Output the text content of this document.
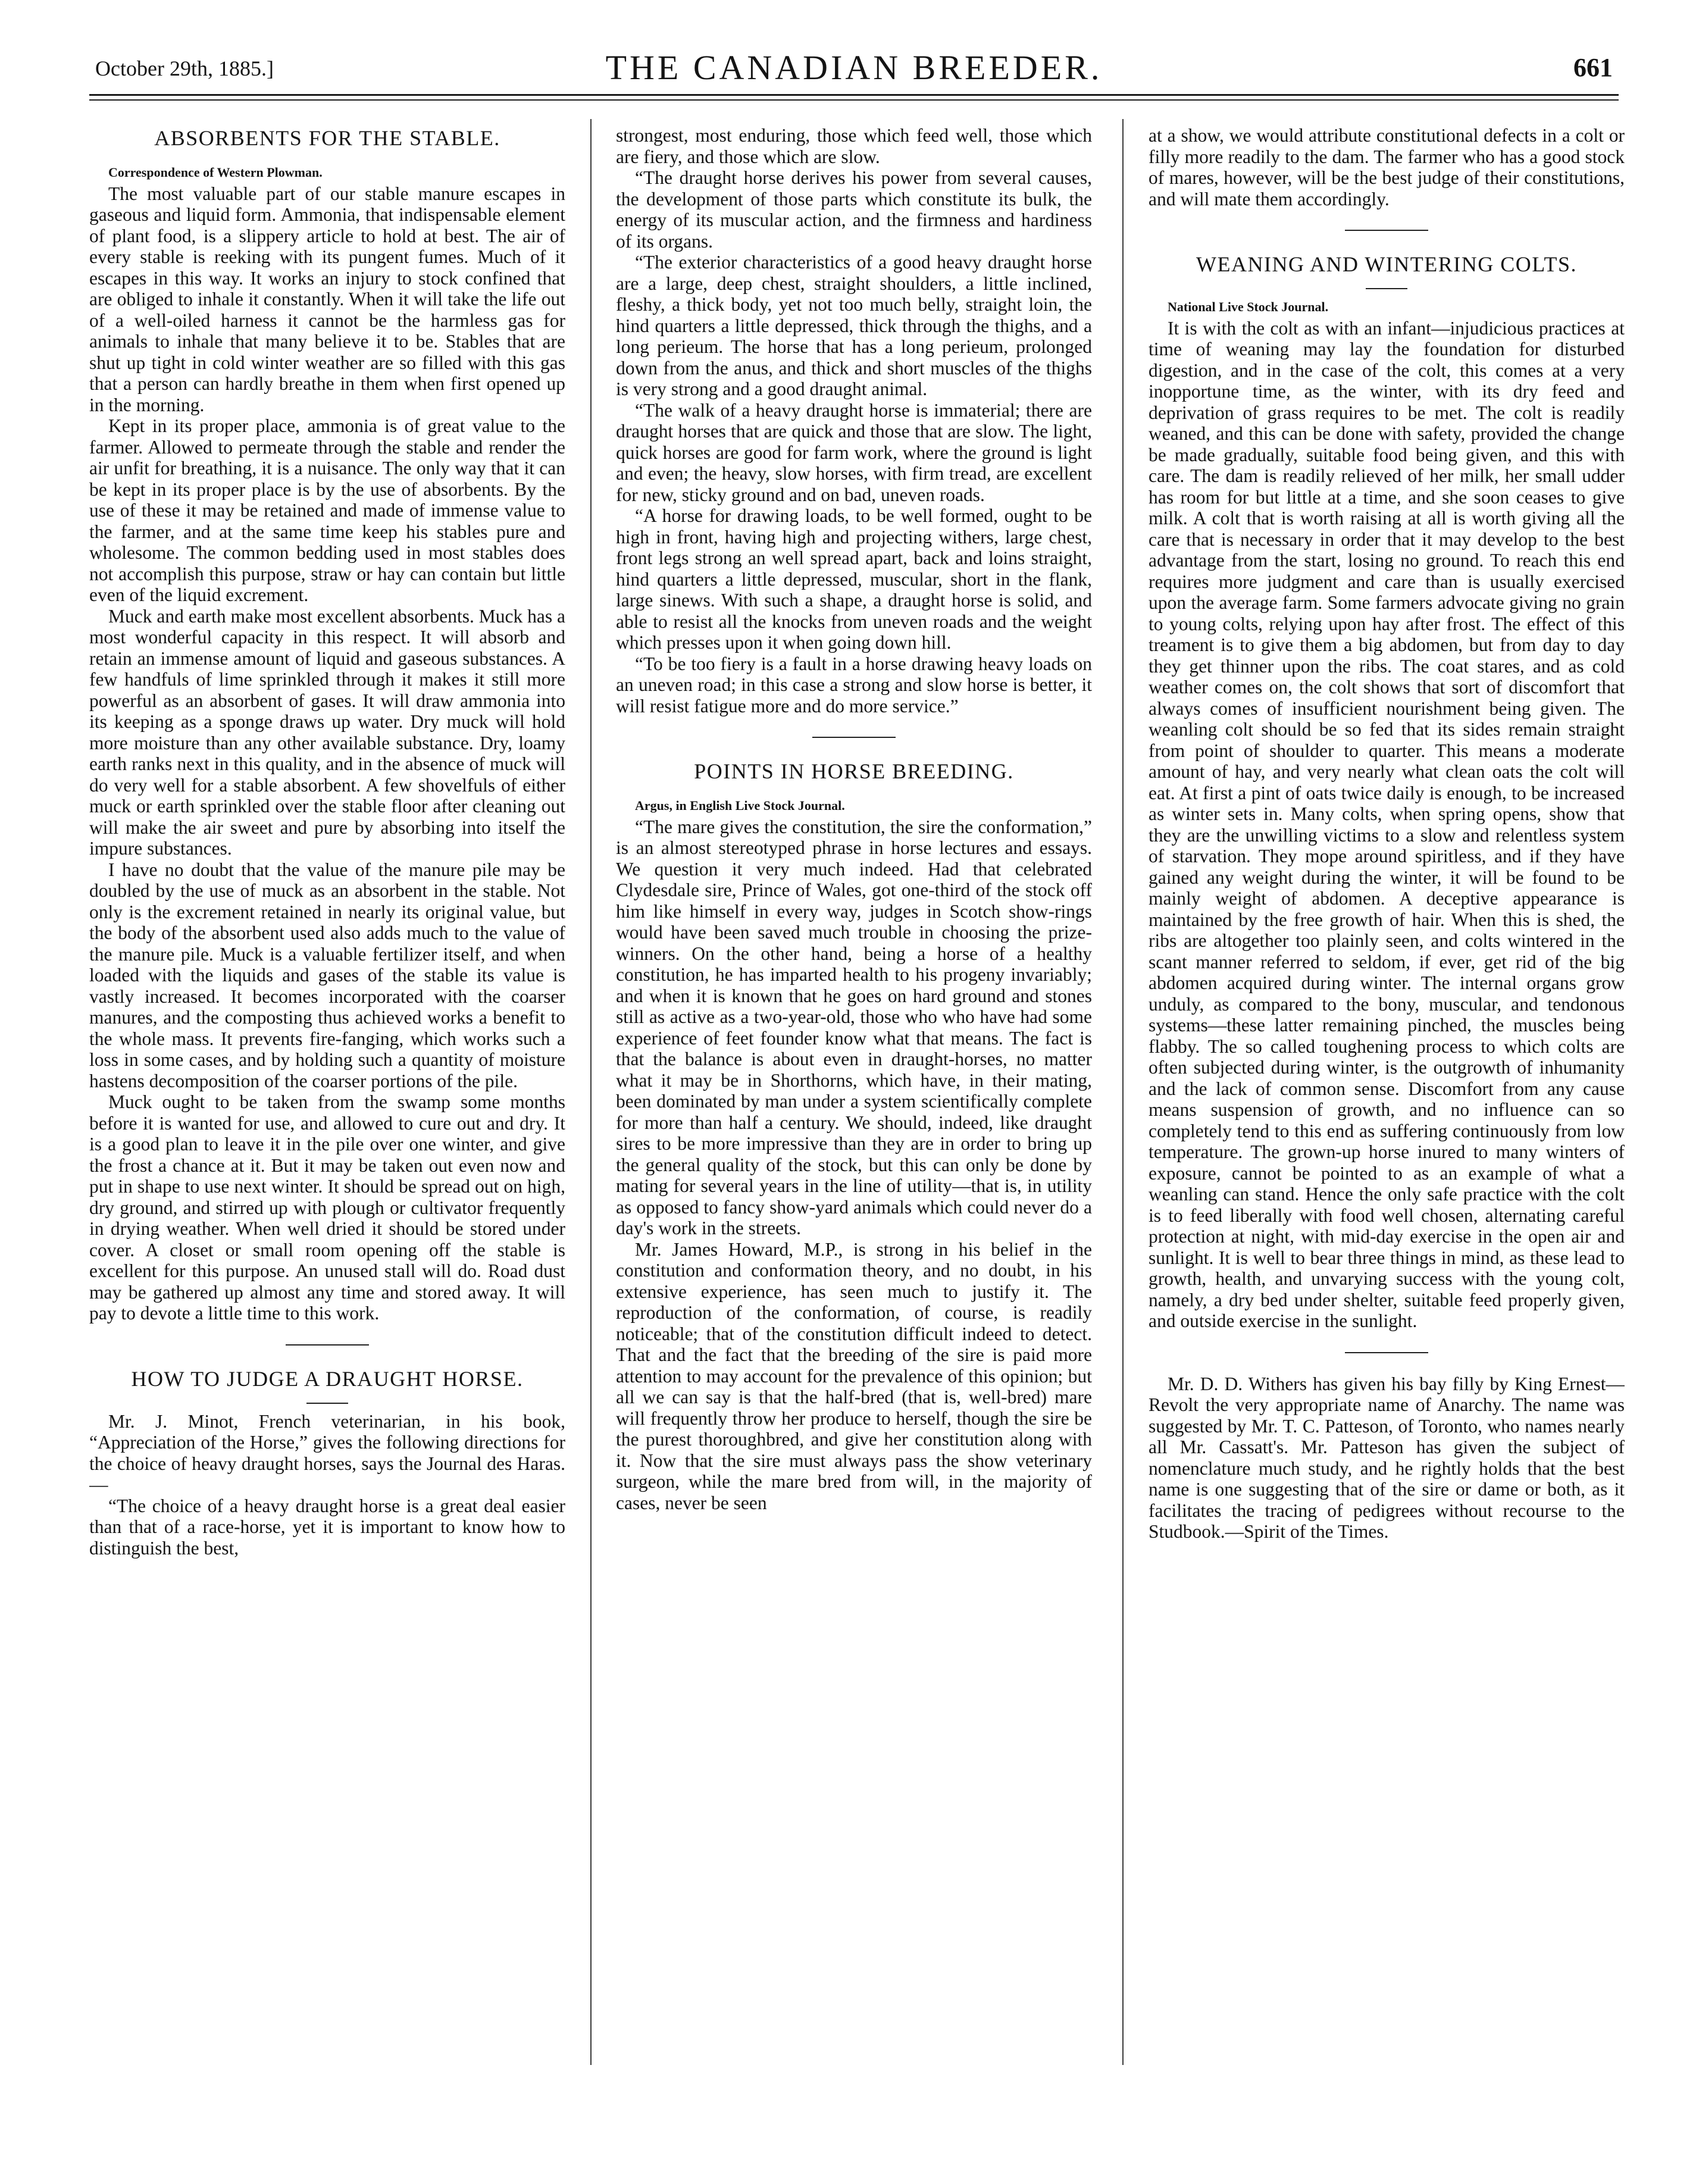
October 29th, 1885.]	THE CANADIAN BREEDER.	661
ABSORBENTS FOR THE STABLE.

Correspondence of Western Plowman.

The most valuable part of our stable manure escapes in gaseous and liquid form. Ammonia, that indispensable element of plant food, is a slippery article to hold at best. The air of every stable is reeking with its pungent fumes. Much of it escapes in this way. It works an injury to stock confined that are obliged to inhale it constantly. When it will take the life out of a well-oiled harness it cannot be the harmless gas for animals to inhale that many believe it to be. Stables that are shut up tight in cold winter weather are so filled with this gas that a person can hardly breathe in them when first opened up in the morning.

Kept in its proper place, ammonia is of great value to the farmer. Allowed to permeate through the stable and render the air unfit for breathing, it is a nuisance. The only way that it can be kept in its proper place is by the use of absorbents. By the use of these it may be retained and made of immense value to the farmer, and at the same time keep his stables pure and wholesome. The common bedding used in most stables does not accomplish this purpose, straw or hay can contain but little even of the liquid excrement.

Muck and earth make most excellent absorbents. Muck has a most wonderful capacity in this respect. It will absorb and retain an immense amount of liquid and gaseous substances. A few handfuls of lime sprinkled through it makes it still more powerful as an absorbent of gases. It will draw ammonia into its keeping as a sponge draws up water. Dry muck will hold more moisture than any other available substance. Dry, loamy earth ranks next in this quality, and in the absence of muck will do very well for a stable absorbent. A few shovelfuls of either muck or earth sprinkled over the stable floor after cleaning out will make the air sweet and pure by absorbing into itself the impure substances.

I have no doubt that the value of the manure pile may be doubled by the use of muck as an absorbent in the stable. Not only is the excrement retained in nearly its original value, but the body of the absorbent used also adds much to the value of the manure pile. Muck is a valuable fertilizer itself, and when loaded with the liquids and gases of the stable its value is vastly increased. It becomes incorporated with the coarser manures, and the composting thus achieved works a benefit to the whole mass. It prevents fire-fanging, which works such a loss in some cases, and by holding such a quantity of moisture hastens decomposition of the coarser portions of the pile.

Muck ought to be taken from the swamp some months before it is wanted for use, and allowed to cure out and dry. It is a good plan to leave it in the pile over one winter, and give the frost a chance at it. But it may be taken out even now and put in shape to use next winter. It should be spread out on high, dry ground, and stirred up with plough or cultivator frequently in drying weather. When well dried it should be stored under cover. A closet or small room opening off the stable is excellent for this purpose. An unused stall will do. Road dust may be gathered up almost any time and stored away. It will pay to devote a little time to this work.

HOW TO JUDGE A DRAUGHT HORSE.

Mr. J. Minot, French veterinarian, in his book, “Appreciation of the Horse,” gives the following directions for the choice of heavy draught horses, says the Journal des Haras.—

“The choice of a heavy draught horse is a great deal easier than that of a race-horse, yet it is important to know how to distinguish the best,

strongest, most enduring, those which feed well, those which are fiery, and those which are slow.

“The draught horse derives his power from several causes, the development of those parts which constitute its bulk, the energy of its muscular action, and the firmness and hardiness of its organs.

“The exterior characteristics of a good heavy draught horse are a large, deep chest, straight shoulders, a little inclined, fleshy, a thick body, yet not too much belly, straight loin, the hind quarters a little depressed, thick through the thighs, and a long perieum. The horse that has a long perieum, prolonged down from the anus, and thick and short muscles of the thighs is very strong and a good draught animal.

“The walk of a heavy draught horse is immaterial; there are draught horses that are quick and those that are slow. The light, quick horses are good for farm work, where the ground is light and even; the heavy, slow horses, with firm tread, are excellent for new, sticky ground and on bad, uneven roads.

“A horse for drawing loads, to be well formed, ought to be high in front, having high and projecting withers, large chest, front legs strong an well spread apart, back and loins straight, hind quarters a little depressed, muscular, short in the flank, large sinews. With such a shape, a draught horse is solid, and able to resist all the knocks from uneven roads and the weight which presses upon it when going down hill.

“To be too fiery is a fault in a horse drawing heavy loads on an uneven road; in this case a strong and slow horse is better, it will resist fatigue more and do more service.”

POINTS IN HORSE BREEDING.

Argus, in English Live Stock Journal.

“The mare gives the constitution, the sire the conformation,” is an almost stereotyped phrase in horse lectures and essays. We question it very much indeed. Had that celebrated Clydesdale sire, Prince of Wales, got one-third of the stock off him like himself in every way, judges in Scotch show-rings would have been saved much trouble in choosing the prize-winners. On the other hand, being a horse of a healthy constitution, he has imparted health to his progeny invariably; and when it is known that he goes on hard ground and stones still as active as a two-year-old, those who who have had some experience of feet founder know what that means. The fact is that the balance is about even in draught-horses, no matter what it may be in Shorthorns, which have, in their mating, been dominated by man under a system scientifically complete for more than half a century. We should, indeed, like draught sires to be more impressive than they are in order to bring up the general quality of the stock, but this can only be done by mating for several years in the line of utility—that is, in utility as opposed to fancy show-yard animals which could never do a day's work in the streets.

Mr. James Howard, M.P., is strong in his belief in the constitution and conformation theory, and no doubt, in his extensive experience, has seen much to justify it. The reproduction of the conformation, of course, is readily noticeable; that of the constitution difficult indeed to detect. That and the fact that the breeding of the sire is paid more attention to may account for the prevalence of this opinion; but all we can say is that the half-bred (that is, well-bred) mare will frequently throw her produce to herself, though the sire be the purest thoroughbred, and give her constitution along with it. Now that the sire must always pass the show veterinary surgeon, while the mare bred from will, in the majority of cases, never be seen

at a show, we would attribute constitutional defects in a colt or filly more readily to the dam. The farmer who has a good stock of mares, however, will be the best judge of their constitutions, and will mate them accordingly.

WEANING AND WINTERING COLTS.

National Live Stock Journal.

It is with the colt as with an infant—injudicious practices at time of weaning may lay the foundation for disturbed digestion, and in the case of the colt, this comes at a very inopportune time, as the winter, with its dry feed and deprivation of grass requires to be met. The colt is readily weaned, and this can be done with safety, provided the change be made gradually, suitable food being given, and this with care. The dam is readily relieved of her milk, her small udder has room for but little at a time, and she soon ceases to give milk. A colt that is worth raising at all is worth giving all the care that is necessary in order that it may develop to the best advantage from the start, losing no ground. To reach this end requires more judgment and care than is usually exercised upon the average farm. Some farmers advocate giving no grain to young colts, relying upon hay after frost. The effect of this treament is to give them a big abdomen, but from day to day they get thinner upon the ribs. The coat stares, and as cold weather comes on, the colt shows that sort of discomfort that always comes of insufficient nourishment being given. The weanling colt should be so fed that its sides remain straight from point of shoulder to quarter. This means a moderate amount of hay, and very nearly what clean oats the colt will eat. At first a pint of oats twice daily is enough, to be increased as winter sets in. Many colts, when spring opens, show that they are the unwilling victims to a slow and relentless system of starvation. They mope around spiritless, and if they have gained any weight during the winter, it will be found to be mainly weight of abdomen. A deceptive appearance is maintained by the free growth of hair. When this is shed, the ribs are altogether too plainly seen, and colts wintered in the scant manner referred to seldom, if ever, get rid of the big abdomen acquired during winter. The internal organs grow unduly, as compared to the bony, muscular, and tendonous systems—these latter remaining pinched, the muscles being flabby. The so called toughening process to which colts are often subjected during winter, is the outgrowth of inhumanity and the lack of common sense. Discomfort from any cause means suspension of growth, and no influence can so completely tend to this end as suffering continuously from low temperature. The grown-up horse inured to many winters of exposure, cannot be pointed to as an example of what a weanling can stand. Hence the only safe practice with the colt is to feed liberally with food well chosen, alternating careful protection at night, with mid-day exercise in the open air and sunlight. It is well to bear three things in mind, as these lead to growth, health, and unvarying success with the young colt, namely, a dry bed under shelter, suitable feed properly given, and outside exercise in the sunlight.

Mr. D. D. Withers has given his bay filly by King Ernest—Revolt the very appropriate name of Anarchy. The name was suggested by Mr. T. C. Patteson, of Toronto, who names nearly all Mr. Cassatt's. Mr. Patteson has given the subject of nomenclature much study, and he rightly holds that the best name is one suggesting that of the sire or dame or both, as it facilitates the tracing of pedigrees without recourse to the Studbook.—Spirit of the Times.
